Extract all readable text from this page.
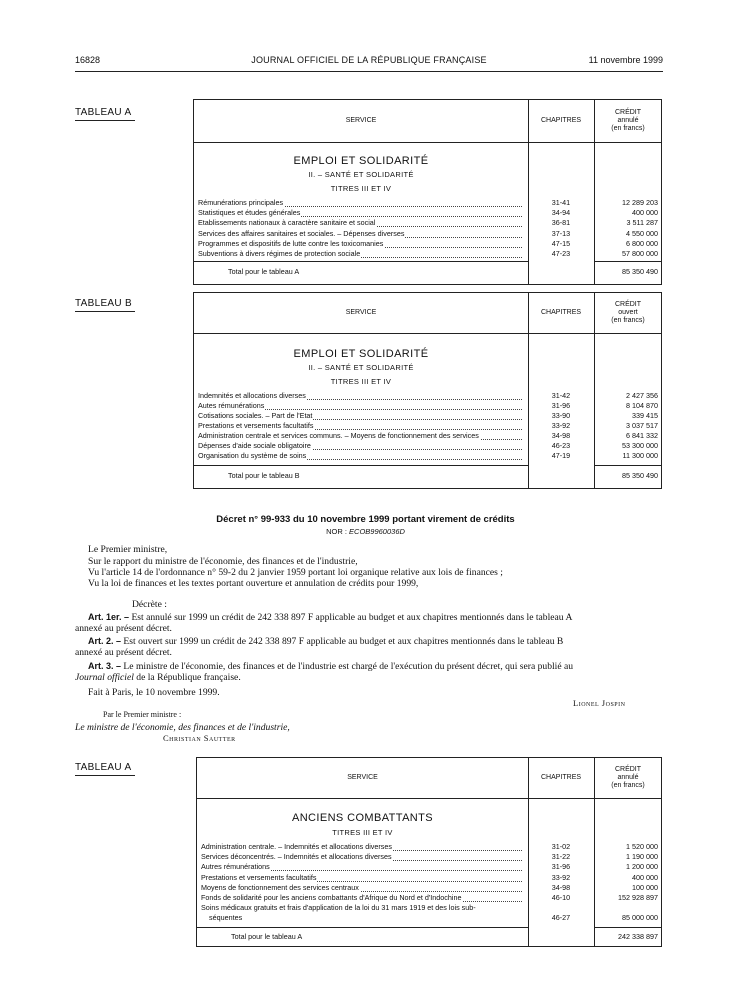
16828	JOURNAL OFFICIEL DE LA RÉPUBLIQUE FRANÇAISE	11 novembre 1999
TABLEAU A
SERVICE	CHAPITRES
CRÉDIT
annulé
(en francs)
EMPLOI ET SOLIDARITÉ
II. – SANTÉ ET SOLIDARITÉ
TITRES III ET IV
Rémunérations principales	31-41	12 289 203
Statistiques et études générales	34-94	400 000
Etablissements nationaux à caractère sanitaire et social	36-81	3 511 287
Services des affaires sanitaires et sociales. – Dépenses diverses	37-13	4 550 000
Programmes et dispositifs de lutte contre les toxicomanies	47-15	6 800 000
Subventions à divers régimes de protection sociale	47-23	57 800 000
Total pour le tableau A	85 350 490
TABLEAU B
SERVICE	CHAPITRES
CRÉDIT
ouvert
(en francs)
EMPLOI ET SOLIDARITÉ
II. – SANTÉ ET SOLIDARITÉ
TITRES III ET IV
Indemnités et allocations diverses	31-42	2 427 356
Autes rémunérations	31-96	8 104 870
Cotisations sociales. – Part de l'Etat	33-90	339 415
Prestations et versements facultatifs	33-92	3 037 517
Administration centrale et services communs. – Moyens de fonctionnement des services	34-98	6 841 332
Dépenses d'aide sociale obligatoire	46-23	53 300 000
Organisation du système de soins	47-19	11 300 000
Total pour le tableau B	85 350 490
Décret n° 99-933 du 10 novembre 1999 portant virement de crédits
NOR : ECOB9960036D
Le Premier ministre,
Sur le rapport du ministre de l'économie, des finances et de l'industrie,
Vu l'article 14 de l'ordonnance n° 59-2 du 2 janvier 1959 portant loi organique relative aux lois de finances ;
Vu la loi de finances et les textes portant ouverture et annulation de crédits pour 1999,
Décrète :
Art. 1er. – Est annulé sur 1999 un crédit de 242 338 897 F applicable au budget et aux chapitres mentionnés dans le tableau A
annexé au présent décret.
Art. 2. – Est ouvert sur 1999 un crédit de 242 338 897 F applicable au budget et aux chapitres mentionnés dans le tableau B
annexé au présent décret.
Art. 3. – Le ministre de l'économie, des finances et de l'industrie est chargé de l'exécution du présent décret, qui sera publié au
Journal officiel de la République française.
Fait à Paris, le 10 novembre 1999.
Lionel Jospin
Par le Premier ministre :
Le ministre de l'économie, des finances et de l'industrie,
Christian Sautter
TABLEAU A
SERVICE	CHAPITRES
CRÉDIT
annulé
(en francs)
ANCIENS COMBATTANTS
TITRES III ET IV
Administration centrale. – Indemnités et allocations diverses	31-02	1 520 000
Services déconcentrés. – Indemnités et allocations diverses	31-22	1 190 000
Autres rémunérations	31-96	1 200 000
Prestations et versements facultatifs	33-92	400 000
Moyens de fonctionnement des services centraux	34-98	100 000
Fonds de solidarité pour les anciens combattants d'Afrique du Nord et d'Indochine	46-10	152 928 897
Soins médicaux gratuits et frais d'application de la loi du 31 mars 1919 et des lois sub-
séquentes	46-27	85 000 000
Total pour le tableau A	242 338 897
